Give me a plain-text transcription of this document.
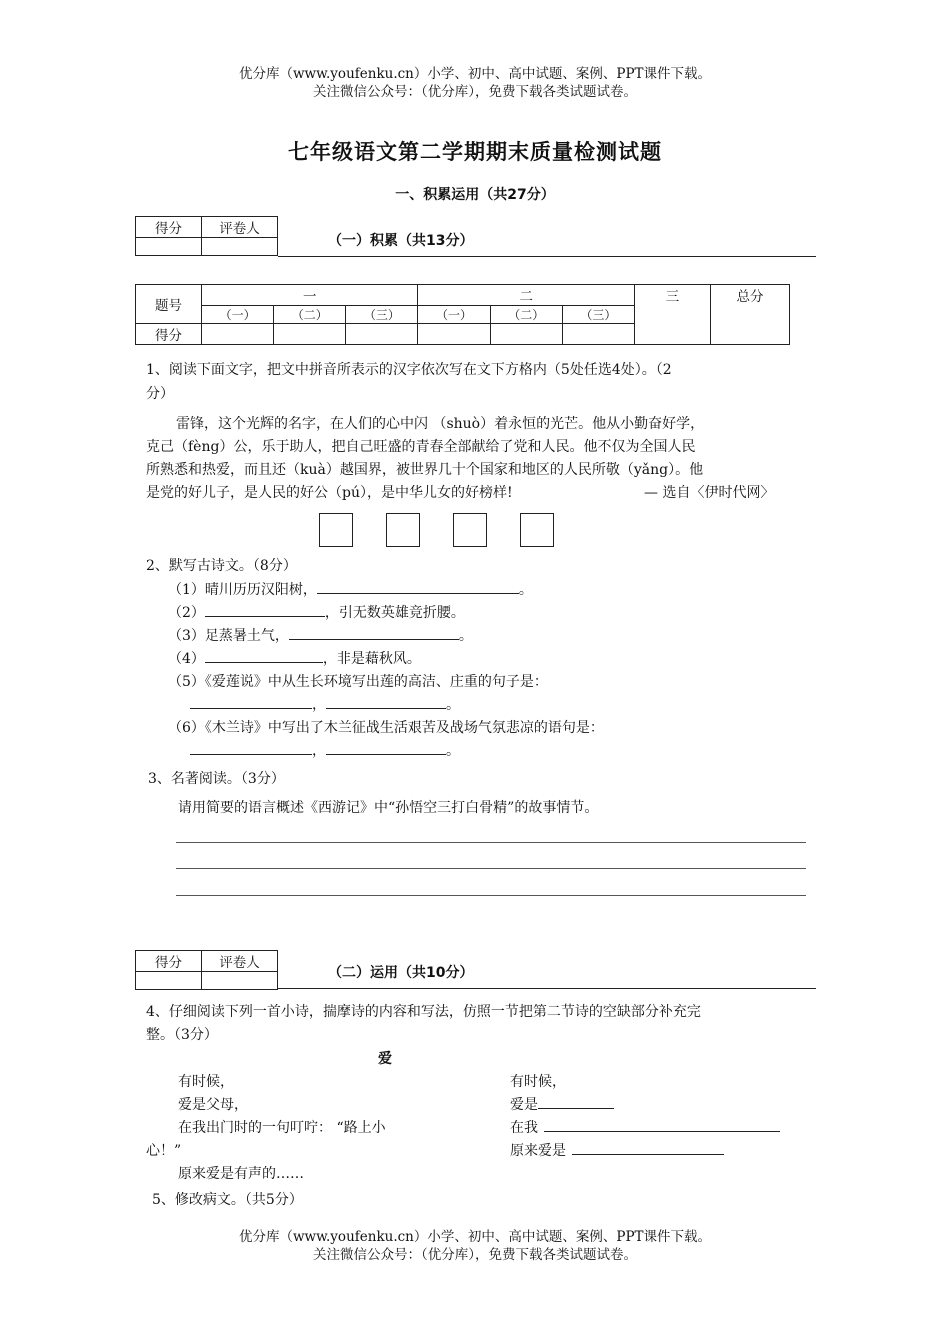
优分库（www.youfenku.cn）小学、初中、高中试题、案例、PPT课件下载。
关注微信公众号：（优分库），免费下载各类试题试卷。
七年级语文第二学期期末质量检测试题
一、积累运用（共27分）
得分	评卷人

（一）积累（共13分）
题号	一			二			三	总分
	（一）	（二）	（三）	（一）	（二）	（三）		
得分								
1、阅读下面文字，把文中拼音所表示的汉字依次写在文下方格内（5处任选4处）。（2
分）
雷锋，这个光辉的名字，在人们的心中闪 （shuò）着永恒的光芒。他从小勤奋好学，
克己（fèng）公，乐于助人，把自己旺盛的青春全部献给了党和人民。他不仅为全国人民
所熟悉和热爱，而且还（kuà）越国界，被世界几十个国家和地区的人民所敬（yǎng）。他
是党的好儿子，是人民的好公（pú），是中华儿女的好榜样!	— 选自〈伊时代网〉
2、默写古诗文。（8分）
（1）晴川历历汉阳树，	。
（2）	，引无数英雄竞折腰。
（3）足蒸暑土气，	。
（4）	，非是藉秋风。
（5）《爱莲说》中从生长环境写出莲的高洁、庄重的句子是：
，	。
（6）《木兰诗》中写出了木兰征战生活艰苦及战场气氛悲凉的语句是：
，	。
3、名著阅读。（3分）
请用简要的语言概述《西游记》中“孙悟空三打白骨精”的故事情节。
得分	评卷人

（二）运用（共10分）
4、仔细阅读下列一首小诗，揣摩诗的内容和写法，仿照一节把第二节诗的空缺部分补充完
整。（3分）
爱
有时候，
爱是父母，
在我出门时的一句叮咛： “路上小
心！”
原来爱是有声的……
有时候，
爱是
在我
原来爱是
5、修改病文。（共5分）
优分库（www.youfenku.cn）小学、初中、高中试题、案例、PPT课件下载。
关注微信公众号：（优分库），免费下载各类试题试卷。
